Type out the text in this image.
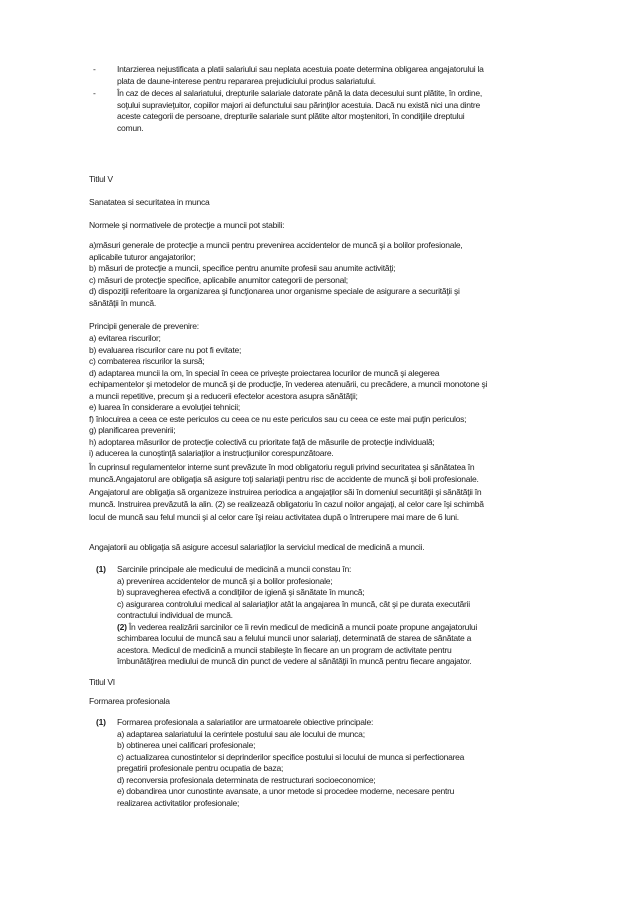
-	Intarzierea nejustificata a platii salariului sau neplata acestuia poate determina obligarea angajatorului la
plata de daune-interese pentru repararea prejudiciului produs salariatului.
-	În caz de deces al salariatului, drepturile salariale datorate până la data decesului sunt plătite, în ordine,
soţului supravieţuitor, copiilor majori ai defunctului sau părinţilor acestuia. Dacă nu există nici una dintre
aceste categorii de persoane, drepturile salariale sunt plătite altor moştenitori, în condiţiile dreptului
comun.
Titlul V
Sanatatea si securitatea in munca
Normele şi normativele de protecţie a muncii pot stabili:
a)măsuri generale de protecţie a muncii pentru prevenirea accidentelor de muncă şi a bolilor profesionale,
aplicabile tuturor angajatorilor;
b) măsuri de protecţie a muncii, specifice pentru anumite profesii sau anumite activităţi;
c) măsuri de protecţie specifice, aplicabile anumitor categorii de personal;
d) dispoziţii referitoare la organizarea şi funcţionarea unor organisme speciale de asigurare a securităţii şi
sănătăţii în muncă.
Principii generale de prevenire:
a) evitarea riscurilor;
b) evaluarea riscurilor care nu pot fi evitate;
c) combaterea riscurilor la sursă;
d) adaptarea muncii la om, în special în ceea ce priveşte proiectarea locurilor de muncă şi alegerea
echipamentelor şi metodelor de muncă şi de producţie, în vederea atenuării, cu precădere, a muncii monotone şi
a muncii repetitive, precum şi a reducerii efectelor acestora asupra sănătăţii;
e) luarea în considerare a evoluţiei tehnicii;
f) înlocuirea a ceea ce este periculos cu ceea ce nu este periculos sau cu ceea ce este mai puţin periculos;
g) planificarea prevenirii;
h) adoptarea măsurilor de protecţie colectivă cu prioritate faţă de măsurile de protecţie individuală;
i) aducerea la cunoştinţă salariaţilor a instrucţiunilor corespunzătoare.
În cuprinsul regulamentelor interne sunt prevăzute în mod obligatoriu reguli privind securitatea şi sănătatea în
muncă.Angajatorul are obligaţia să asigure toţi salariaţii pentru risc de accidente de muncă şi boli profesionale.
Angajatorul are obligaţia să organizeze instruirea periodica a angajaţilor săi în domeniul securităţii şi sănătăţii în
muncă. Instruirea prevăzută la alin. (2) se realizează obligatoriu în cazul noilor angajaţi, al celor care îşi schimbă
locul de muncă sau felul muncii şi al celor care îşi reiau activitatea după o întrerupere mai mare de 6 luni.
Angajatorii au obligaţia să asigure accesul salariaţilor la serviciul medical de medicină a muncii.
(1) Sarcinile principale ale medicului de medicină a muncii constau în:
a) prevenirea accidentelor de muncă şi a bolilor profesionale;
b) supravegherea efectivă a condiţiilor de igienă şi sănătate în muncă;
c) asigurarea controlului medical al salariaţilor atât la angajarea în muncă, cât şi pe durata executării
contractului individual de muncă.
(2) În vederea realizării sarcinilor ce îi revin medicul de medicină a muncii poate propune angajatorului
schimbarea locului de muncă sau a felului muncii unor salariaţi, determinată de starea de sănătate a
acestora. Medicul de medicină a muncii stabileşte în fiecare an un program de activitate pentru
îmbunătăţirea mediului de muncă din punct de vedere al sănătăţii în muncă pentru fiecare angajator.
Titlul VI
Formarea profesionala
(1) Formarea profesionala a salariatilor are urmatoarele obiective principale:
a) adaptarea salariatului la cerintele postului sau ale locului de munca;
b) obtinerea unei calificari profesionale;
c) actualizarea cunostintelor si deprinderilor specifice postului si locului de munca si perfectionarea
pregatirii profesionale pentru ocupatia de baza;
d) reconversia profesionala determinata de restructurari socioeconomice;
e) dobandirea unor cunostinte avansate, a unor metode si procedee moderne, necesare pentru
realizarea activitatilor profesionale;
